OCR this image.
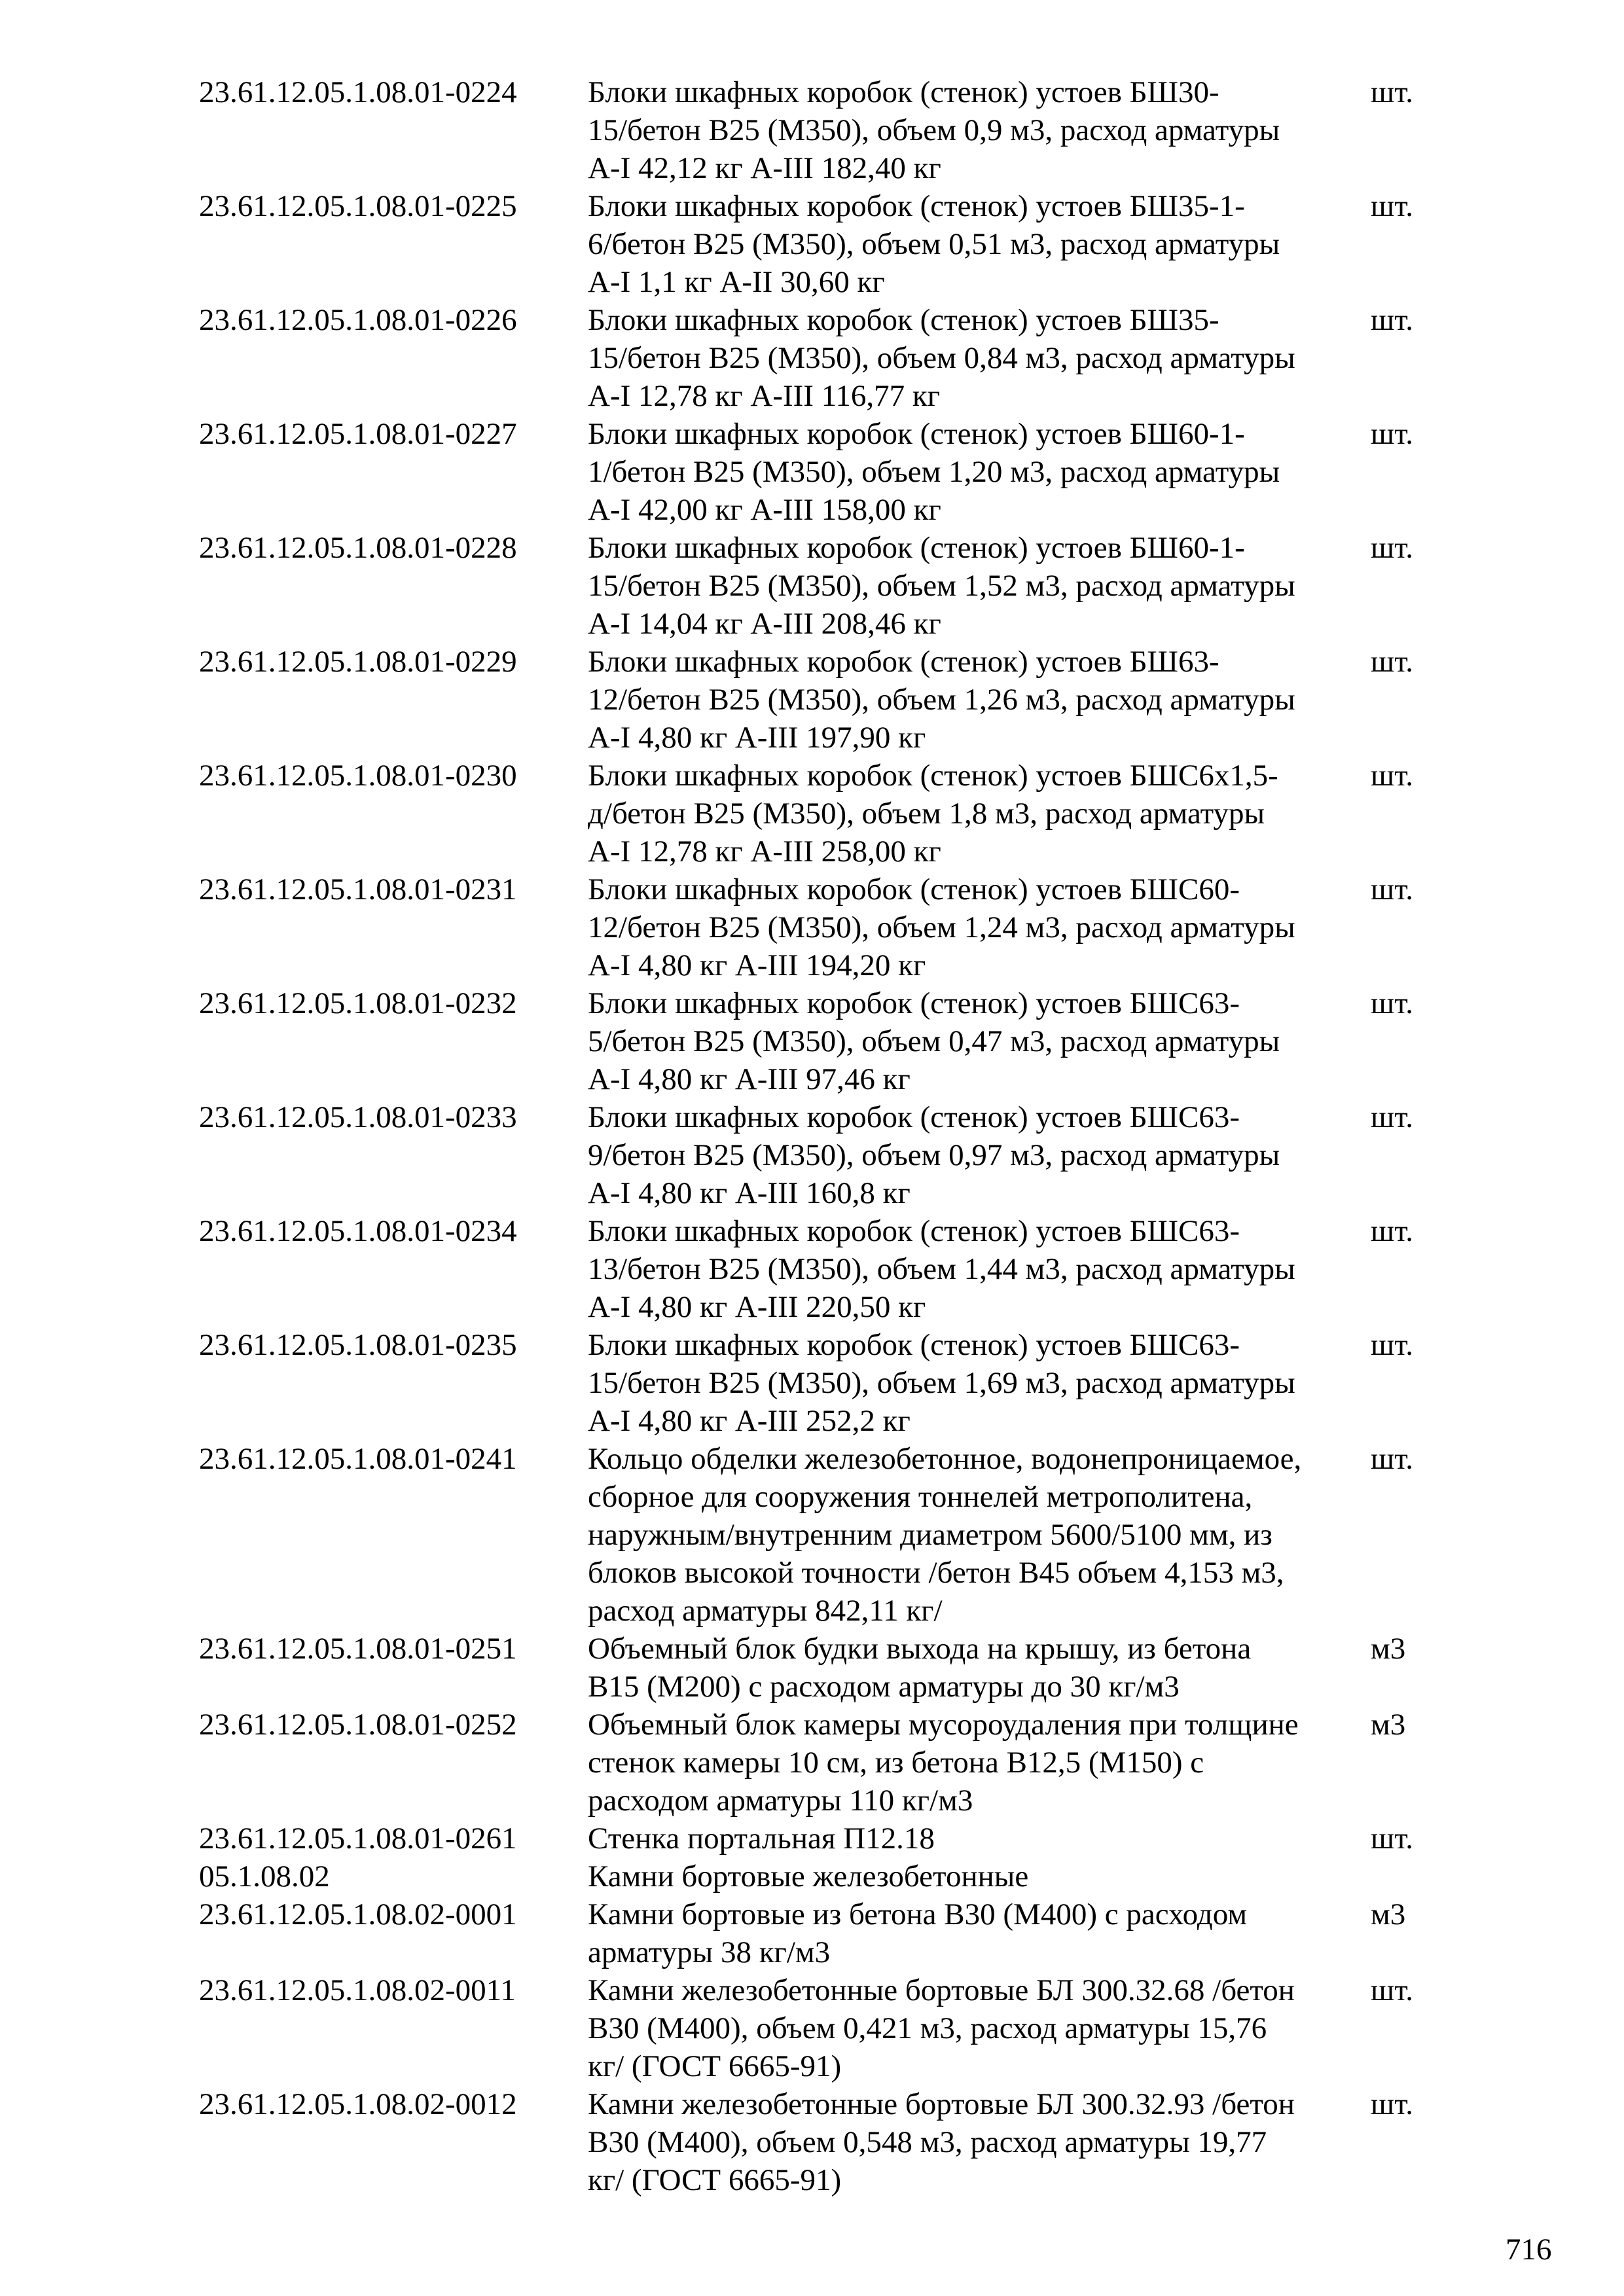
23.61.12.05.1.08.01-0224 Блоки шкафных коробок (стенок) устоев БШ30-
15/бетон В25 (М350), объем 0,9 м3, расход арматуры
А-I 42,12 кг А-III 182,40 кг
шт.
23.61.12.05.1.08.01-0225 Блоки шкафных коробок (стенок) устоев БШ35-1-
6/бетон В25 (М350), объем 0,51 м3, расход арматуры
А-I 1,1 кг А-II 30,60 кг
шт.
23.61.12.05.1.08.01-0226 Блоки шкафных коробок (стенок) устоев БШ35-
15/бетон В25 (М350), объем 0,84 м3, расход арматуры
А-I 12,78 кг А-III 116,77 кг
шт.
23.61.12.05.1.08.01-0227 Блоки шкафных коробок (стенок) устоев БШ60-1-
1/бетон В25 (М350), объем 1,20 м3, расход арматуры
А-I 42,00 кг А-III 158,00 кг
шт.
23.61.12.05.1.08.01-0228 Блоки шкафных коробок (стенок) устоев БШ60-1-
15/бетон В25 (М350), объем 1,52 м3, расход арматуры
А-I 14,04 кг А-III 208,46 кг
шт.
23.61.12.05.1.08.01-0229 Блоки шкафных коробок (стенок) устоев БШ63-
12/бетон В25 (М350), объем 1,26 м3, расход арматуры
А-I 4,80 кг А-III 197,90 кг
шт.
23.61.12.05.1.08.01-0230 Блоки шкафных коробок (стенок) устоев БШС6х1,5-
д/бетон В25 (М350), объем 1,8 м3, расход арматуры
А-I 12,78 кг А-III 258,00 кг
шт.
23.61.12.05.1.08.01-0231 Блоки шкафных коробок (стенок) устоев БШС60-
12/бетон В25 (М350), объем 1,24 м3, расход арматуры
А-I 4,80 кг А-III 194,20 кг
шт.
23.61.12.05.1.08.01-0232 Блоки шкафных коробок (стенок) устоев БШС63-
5/бетон В25 (М350), объем 0,47 м3, расход арматуры
А-I 4,80 кг А-III 97,46 кг
шт.
23.61.12.05.1.08.01-0233 Блоки шкафных коробок (стенок) устоев БШС63-
9/бетон В25 (М350), объем 0,97 м3, расход арматуры
А-I 4,80 кг А-III 160,8 кг
шт.
23.61.12.05.1.08.01-0234 Блоки шкафных коробок (стенок) устоев БШС63-
13/бетон В25 (М350), объем 1,44 м3, расход арматуры
А-I 4,80 кг А-III 220,50 кг
шт.
23.61.12.05.1.08.01-0235 Блоки шкафных коробок (стенок) устоев БШС63-
15/бетон В25 (М350), объем 1,69 м3, расход арматуры
А-I 4,80 кг А-III 252,2 кг
шт.
23.61.12.05.1.08.01-0241 Кольцо обделки железобетонное, водонепроницаемое,
сборное для сооружения тоннелей метрополитена,
наружным/внутренним диаметром 5600/5100 мм, из
блоков высокой точности /бетон В45 объем 4,153 м3,
расход арматуры 842,11 кг/
шт.
23.61.12.05.1.08.01-0251 Объемный блок будки выхода на крышу, из бетона
В15 (М200) с расходом арматуры до 30 кг/м3
м3
23.61.12.05.1.08.01-0252 Объемный блок камеры мусороудаления при толщине
стенок камеры 10 см, из бетона В12,5 (М150) с
расходом арматуры 110 кг/м3
м3
23.61.12.05.1.08.01-0261 Стенка портальная П12.18	шт.
05.1.08.02	Камни бортовые железобетонные
23.61.12.05.1.08.02-0001 Камни бортовые из бетона В30 (М400) с расходом
арматуры 38 кг/м3
м3
23.61.12.05.1.08.02-0011 Камни железобетонные бортовые БЛ 300.32.68 /бетон
В30 (М400), объем 0,421 м3, расход арматуры 15,76
кг/ (ГОСТ 6665-91)
шт.
23.61.12.05.1.08.02-0012 Камни железобетонные бортовые БЛ 300.32.93 /бетон
В30 (М400), объем 0,548 м3, расход арматуры 19,77
кг/ (ГОСТ 6665-91)
шт.
716
